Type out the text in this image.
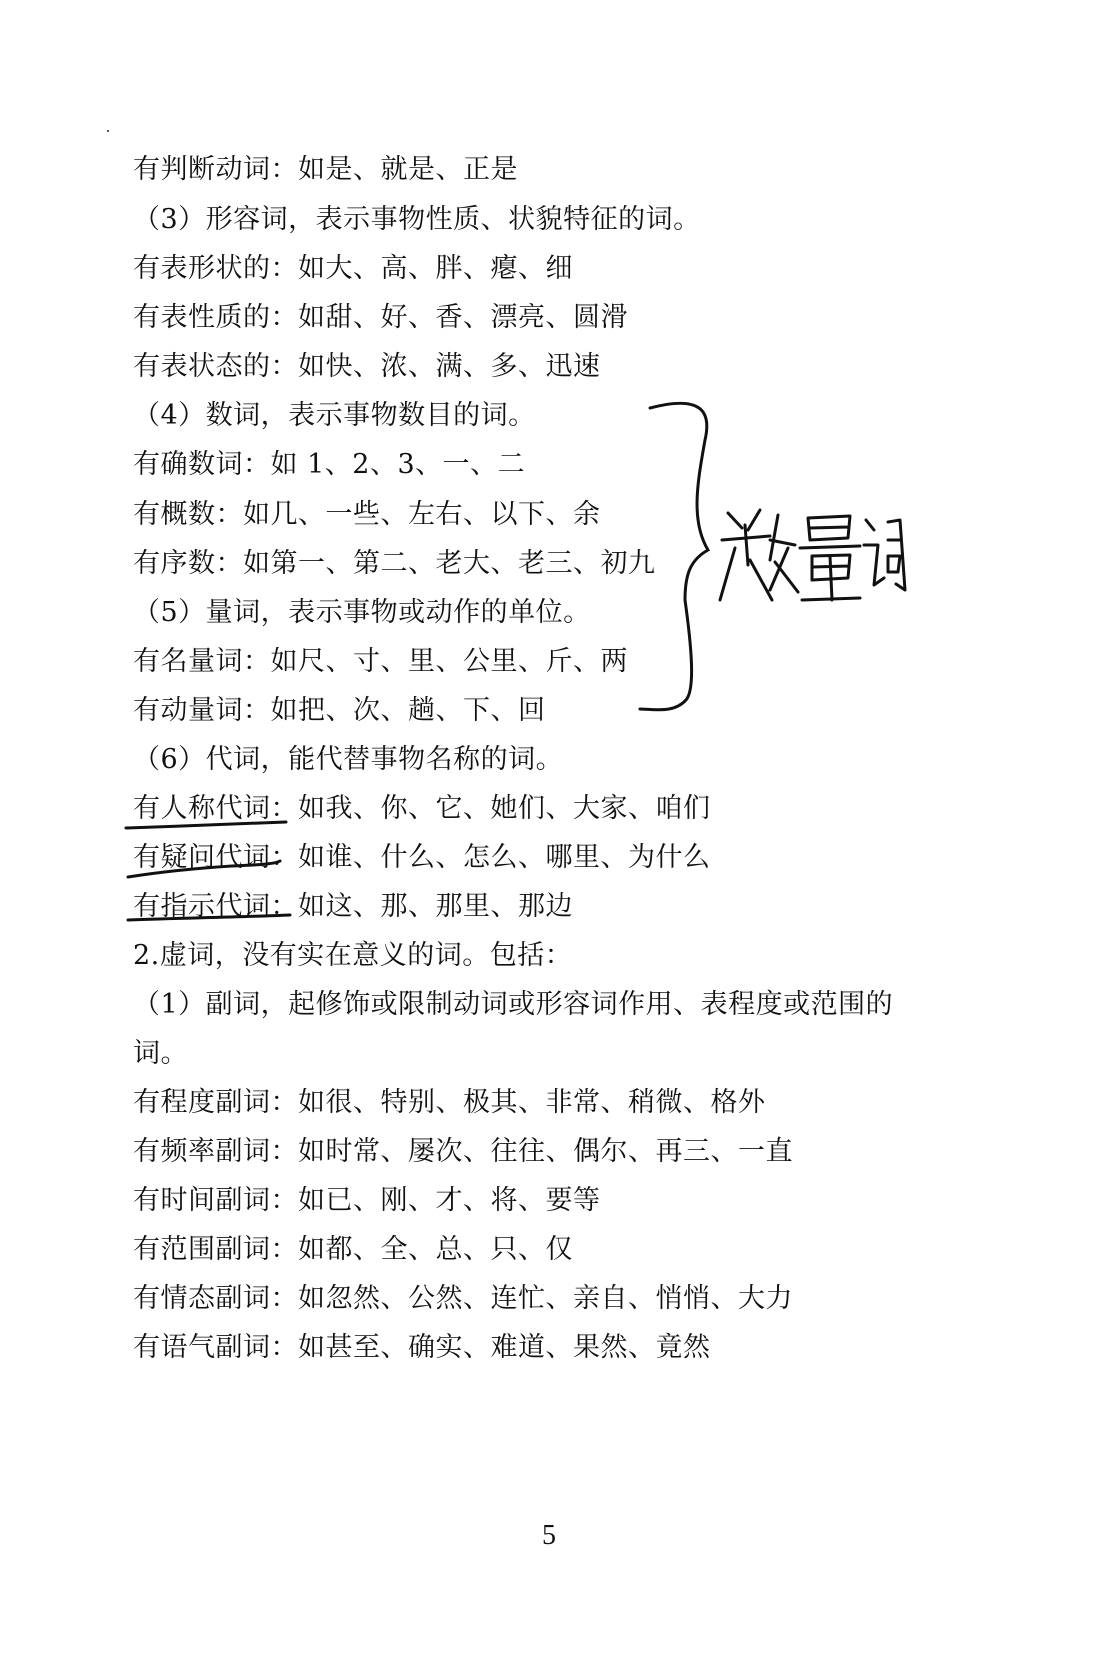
有判断动词：如是、就是、正是
（3）形容词，表示事物性质、状貌特征的词。
有表形状的：如大、高、胖、瘪、细
有表性质的：如甜、好、香、漂亮、圆滑
有表状态的：如快、浓、满、多、迅速
（4）数词，表示事物数目的词。
有确数词：如 1、2、3、一、二
有概数：如几、一些、左右、以下、余
有序数：如第一、第二、老大、老三、初九
（5）量词，表示事物或动作的单位。
有名量词：如尺、寸、里、公里、斤、两
有动量词：如把、次、趟、下、回
（6）代词，能代替事物名称的词。
有人称代词：如我、你、它、她们、大家、咱们
有疑问代词：如谁、什么、怎么、哪里、为什么
有指示代词：如这、那、那里、那边
2.虚词，没有实在意义的词。包括：
（1）副词，起修饰或限制动词或形容词作用、表程度或范围的
词。
有程度副词：如很、特别、极其、非常、稍微、格外
有频率副词：如时常、屡次、往往、偶尔、再三、一直
有时间副词：如已、刚、才、将、要等
有范围副词：如都、全、总、只、仅
有情态副词：如忽然、公然、连忙、亲自、悄悄、大力
有语气副词：如甚至、确实、难道、果然、竟然
5
